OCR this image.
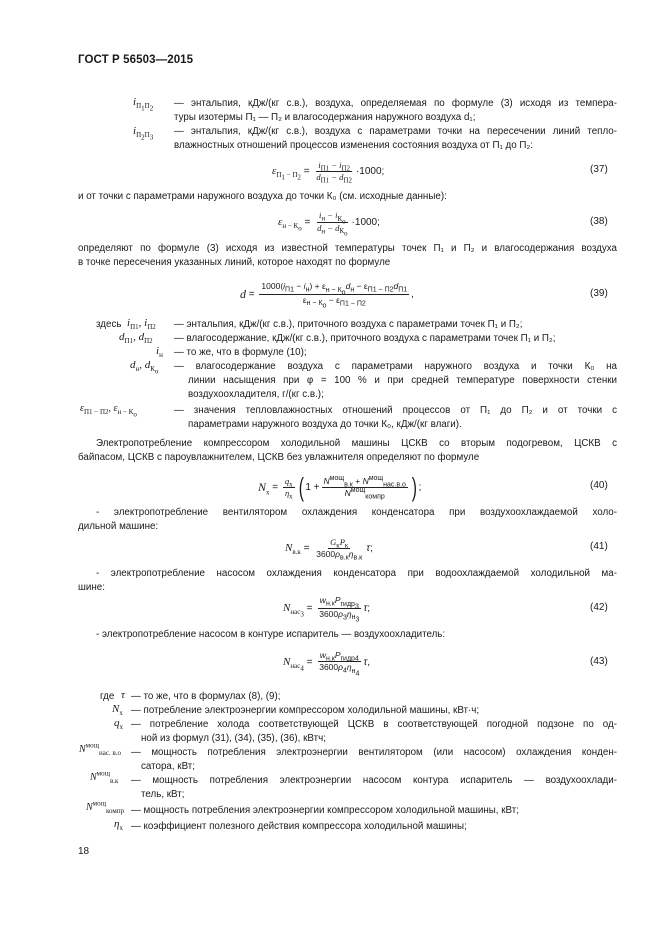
ГОСТ Р 56503—2015
$i_{П_1П_2}$ — энтальпия, кДж/(кг с.в.), воздуха, определяемая по формуле (3) исходя из темпера-
туры изотермы П₁ — П₂ и влагосодержания наружного воздуха d₁;
$i_{П_2П_3}$
— энтальпия, кДж/(кг с.в.), воздуха с параметрами точки на пересечении линий тепло-
влажностных отношений процессов изменения состояния воздуха от П₁ до П₂:
$\varepsilon_{П_1 - П_2}$
= $\frac{i_{П1} - i_{П2}}{d_{П1} - d_{П2}} \cdot 1000$;	(37)
и от точки с параметрами наружного воздуха до точки К₀ (см. исходные данные):
$\varepsilon_{н - К_о}$
= $\frac{i_н - i_{К_о}}{d_н - d_{К_о}} \cdot 1000$;	(38)
определяют по формуле (3) исходя из известной температуры точек П₁ и П₂ и влагосодержания воздуха
в точке пересечения указанных линий, которое находят по формуле
$d = \frac{1000(i_{П1} - i_н) + \varepsilon_{н - К_о}d_н - \varepsilon_{П1 - П2}d_{П1}}{\varepsilon_{н - К_о} - \varepsilon_{П1 - П2}}$ ,	(39)
здесь $i_{П1}$, $i_{П2}$ — энтальпия, кДж/(кг с.в.), приточного воздуха с параметрами точек П₁ и П₂;
$d_{П1}$, $d_{П2}$ — влагосодержание, кДж/(кг с.в.), приточного воздуха с параметрами точек П₁ и П₂;
$i_н$ — то же, что в формуле (10);
$d_н$, $d_{К_о}$ — влагосодержание воздуха с параметрами наружного воздуха и точки К₀ на
линии насыщения при φ = 100 % и при средней температуре поверхности стенки
воздухоохладителя, г/(кг с.в.);
$\varepsilon_{П1 - П2}$, $\varepsilon_{н - К_о}$	— значения тепловлажностных отношений процессов от П₁ до П₂ и от точки с
параметрами наружного воздуха до точки К₀, кДж/(кг влаги).
Электропотребление компрессором холодильной машины ЦСКВ со вторым подогревом, ЦСКВ с
байпасом, ЦСКВ с пароувлажнителем, ЦСКВ без увлажнителя определяют по формуле
$N_x = \frac{q_x}{\eta_x}$ ( $1 + \frac{N^{мощ}_{в.к} + N^{мощ}_{нас.в.о}}{N^{мощ}_{компр}}$ ) ;	(40)
- электропотребление вентилятором охлаждения конденсатора при воздухоохлаждаемой холо-
дильной машине:
$N_{в.к} = \frac{G_кP_к}{3600\rho_{в.к}\eta_{в.к}}$ τ ;	(41)
- электропотребление насосом охлаждения конденсатора при водоохлаждаемой холодильной ма-
шине:
$N_{нас_3}$
= $\frac{w_{н.к}P_{гидр_3}}{3600\rho_3\eta_{н_3}}$ τ ;	(42)
- электропотребление насосом в контуре испаритель — воздухоохладитель:
$N_{нас_4}$
= $\frac{w_{н.к}P_{гидр4}}{3600\rho_4\eta_{н_4}}$ τ ,	(43)
где τ — то же, что в формулах (8), (9);
$N_x$ — потребление электроэнергии компрессором холодильной машины, кВт·ч;
$q_x$ — потребление холода соответствующей ЦСКВ в соответствующей погодной подзоне по од-
ной из формул (31), (34), (35), (36), кВтч;
$N^{мощ}_{нас. в.о}$ — мощность потребления электроэнергии вентилятором (или насосом) охлаждения конден-
сатора, кВт;
$N^{мощ}_{в.к}$ — мощность потребления электроэнергии насосом контура испаритель — воздухоохлади-
тель, кВт;
$N^{мощ}_{компр}$ — мощность потребления электроэнергии компрессором холодильной машины, кВт;
$\eta_x$ — коэффициент полезного действия компрессора холодильной машины;
18
